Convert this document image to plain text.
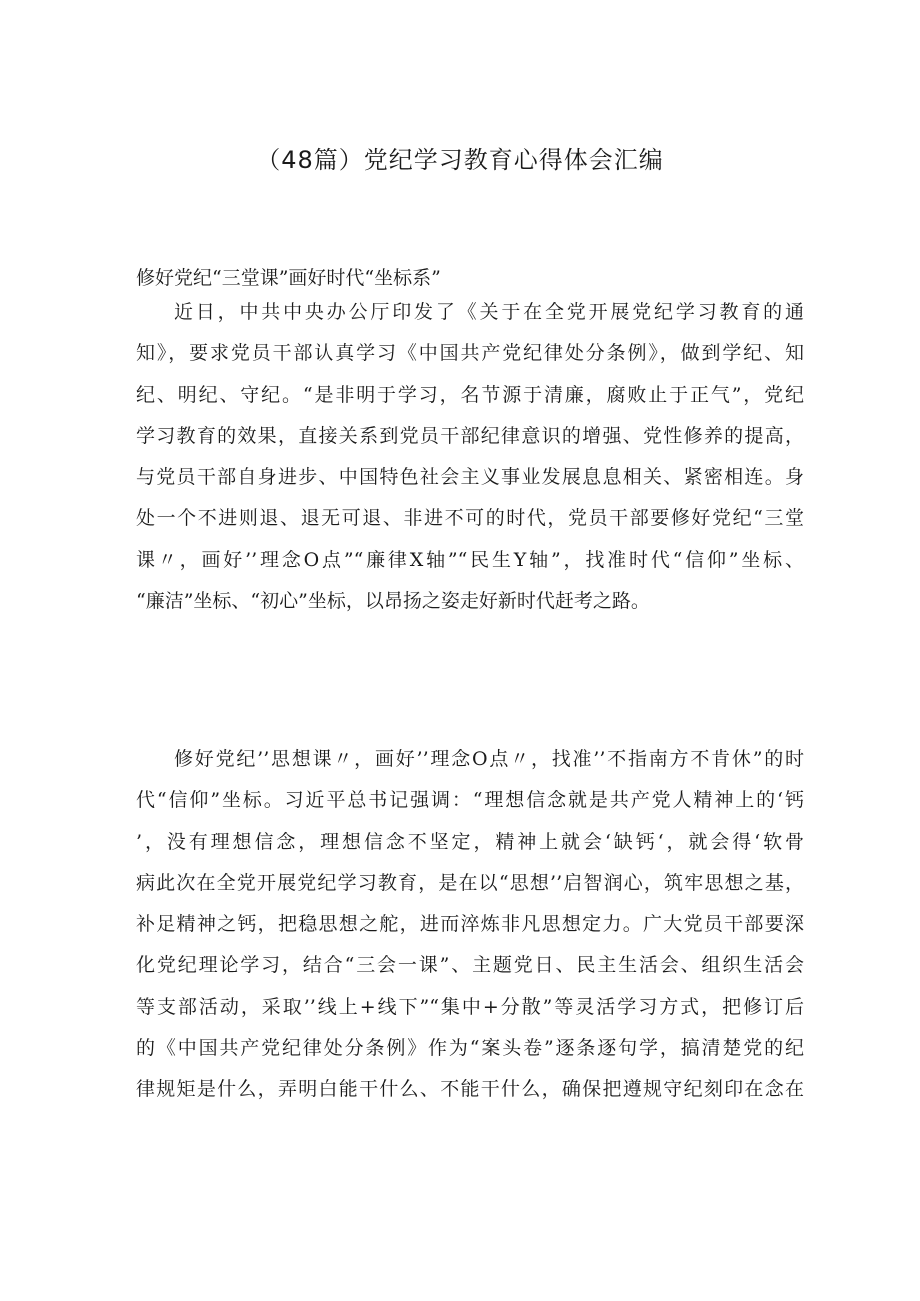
（48篇）党纪学习教育心得体会汇编
修好党纪“三堂课”画好时代“坐标系”
近日，中共中央办公厅印发了《关于在全党开展党纪学习教育的通
知》，要求党员干部认真学习《中国共产党纪律处分条例》，做到学纪、知
纪、明纪、守纪。“是非明于学习，名节源于清廉，腐败止于正气”，党纪
学习教育的效果，直接关系到党员干部纪律意识的增强、党性修养的提高，
与党员干部自身进步、中国特色社会主义事业发展息息相关、紧密相连。身
处一个不进则退、退无可退、非进不可的时代，党员干部要修好党纪“三堂
课〃，画好’’理念O点”“廉律X轴”“民生Y轴”，找准时代“信仰”坐标、
“廉洁”坐标、“初心”坐标，以昂扬之姿走好新时代赶考之路。
修好党纪’’思想课〃，画好’’理念O点〃，找准’’不指南方不肯休”的时
代“信仰”坐标。习近平总书记强调：“理想信念就是共产党人精神上的‘钙
’，没有理想信念，理想信念不坚定，精神上就会‘缺钙‘，就会得‘软骨
病此次在全党开展党纪学习教育，是在以“思想’’启智润心，筑牢思想之基，
补足精神之钙，把稳思想之舵，进而淬炼非凡思想定力。广大党员干部要深
化党纪理论学习，结合“三会一课”、主题党日、民主生活会、组织生活会
等支部活动，采取’’线上+线下”“集中+分散”等灵活学习方式，把修订后
的《中国共产党纪律处分条例》作为“案头卷”逐条逐句学，搞清楚党的纪
律规矩是什么，弄明白能干什么、不能干什么，确保把遵规守纪刻印在念在
